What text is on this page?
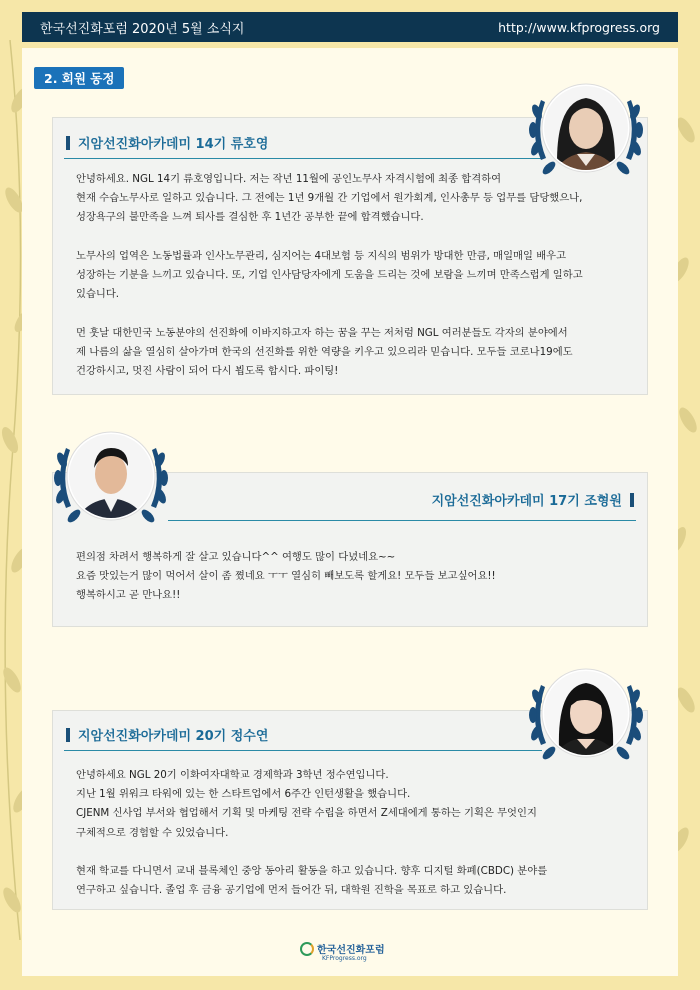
한국선진화포럼 2020년 5월 소식지	http://www.kfprogress.org
2. 회원 동정
지암선진화아카데미 14기 류호영
안녕하세요. NGL 14기 류호영입니다. 저는 작년 11월에 공인노무사 자격시험에 최종 합격하여
현재 수습노무사로 일하고 있습니다. 그 전에는 1년 9개월 간 기업에서 원가회계, 인사총무 등 업무를 담당했으나,
성장욕구의 불만족을 느껴 퇴사를 결심한 후 1년간 공부한 끝에 합격했습니다.

노무사의 업역은 노동법률과 인사노무관리, 심지어는 4대보험 등 지식의 범위가 방대한 만큼, 매일매일 배우고
성장하는 기분을 느끼고 있습니다. 또, 기업 인사담당자에게 도움을 드리는 것에 보람을 느끼며 만족스럽게 일하고
있습니다.

먼 훗날 대한민국 노동분야의 선진화에 이바지하고자 하는 꿈을 꾸는 저처럼 NGL 여러분들도 각자의 분야에서
제 나름의 삶을 열심히 살아가며 한국의 선진화를 위한 역량을 키우고 있으리라 믿습니다. 모두들 코로나19에도
건강하시고, 멋진 사람이 되어 다시 뵙도록 합시다. 파이팅!
지암선진화아카데미 17기 조형원
편의점 차려서 행복하게 잘 살고 있습니다^^ 여행도 많이 다녔네요~~
요즘 맛있는거 많이 먹어서 살이 좀 쪘네요 ㅜㅜ 열심히 빼보도록 할게요! 모두들 보고싶어요!!
행복하시고 곧 만나요!!
지암선진화아카데미 20기 정수연
안녕하세요 NGL 20기 이화여자대학교 경제학과 3학년 정수연입니다.
지난 1월 위워크 타워에 있는 한 스타트업에서 6주간 인턴생활을 했습니다.
CJENM 신사업 부서와 협업해서 기획 및 마케팅 전략 수립을 하면서 Z세대에게 통하는 기획은 무엇인지
구체적으로 경험할 수 있었습니다.

현재 학교를 다니면서 교내 블록체인 중앙 동아리 활동을 하고 있습니다. 향후 디지털 화폐(CBDC) 분야를
연구하고 싶습니다. 졸업 후 금융 공기업에 먼저 들어간 뒤, 대학원 진학을 목표로 하고 있습니다.
한국선진화포럼
KFProgress.org
